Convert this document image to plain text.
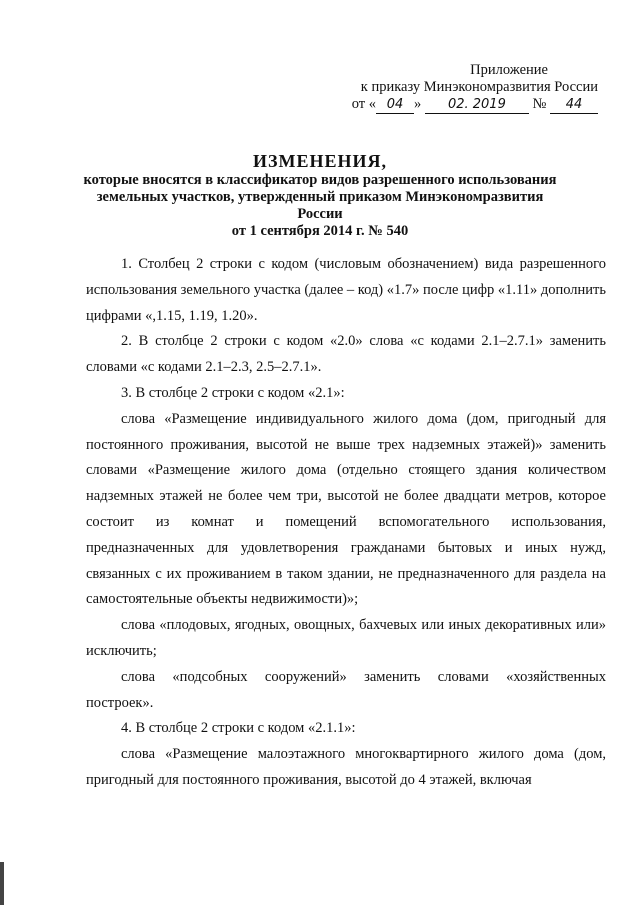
Приложение
к приказу Минэкономразвития России
от « 04 » 02. 2019 № 44
ИЗМЕНЕНИЯ,
которые вносятся в классификатор видов разрешенного использования
земельных участков, утвержденный приказом Минэкономразвития России
от 1 сентября 2014 г. № 540

1. Столбец 2 строки с кодом (числовым обозначением) вида разрешенного использования земельного участка (далее – код) «1.7» после цифр «1.11» дополнить цифрами «,1.15, 1.19, 1.20».

2. В столбце 2 строки с кодом «2.0» слова «с кодами 2.1–2.7.1» заменить словами «с кодами 2.1–2.3, 2.5–2.7.1».

3. В столбце 2 строки с кодом «2.1»:

слова «Размещение индивидуального жилого дома (дом, пригодный для постоянного проживания, высотой не выше трех надземных этажей)» заменить словами «Размещение жилого дома (отдельно стоящего здания количеством надземных этажей не более чем три, высотой не более двадцати метров, которое состоит из комнат и помещений вспомогательного использования, предназначенных для удовлетворения гражданами бытовых и иных нужд, связанных с их проживанием в таком здании, не предназначенного для раздела на самостоятельные объекты недвижимости)»;

слова «плодовых, ягодных, овощных, бахчевых или иных декоративных или» исключить;

слова «подсобных сооружений» заменить словами «хозяйственных построек».

4. В столбце 2 строки с кодом «2.1.1»:

слова «Размещение малоэтажного многоквартирного жилого дома (дом, пригодный для постоянного проживания, высотой до 4 этажей, включая
